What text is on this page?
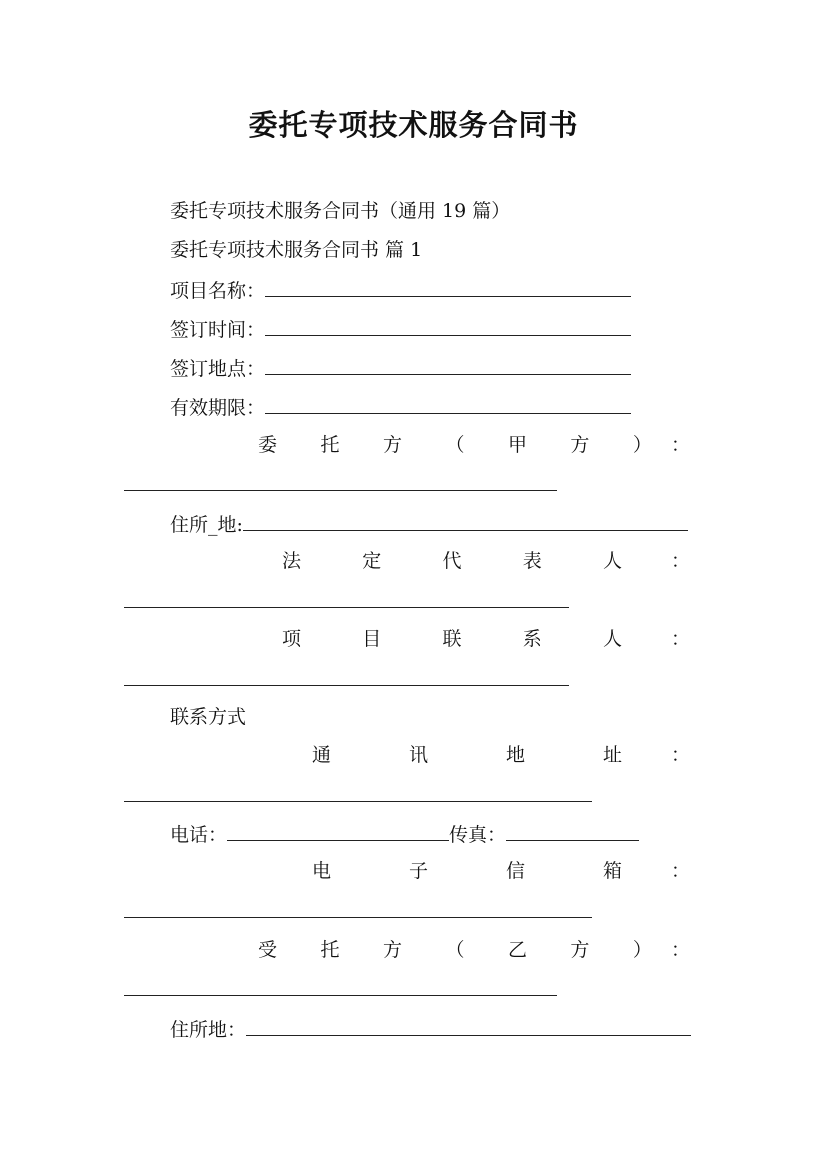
委托专项技术服务合同书
委托专项技术服务合同书（通用 19 篇）
委托专项技术服务合同书 篇 1
项目名称：
签订时间：
签订地点：
有效期限：
委 托 方 （ 甲 方 ） ：
住所_地:
法	定	代	表	人	：
项	目	联	系	人	：
联系方式
通	讯	地	址	：
电话：	传真：
电	子	信	箱	：
受 托 方 （ 乙 方 ） ：
住所地：
